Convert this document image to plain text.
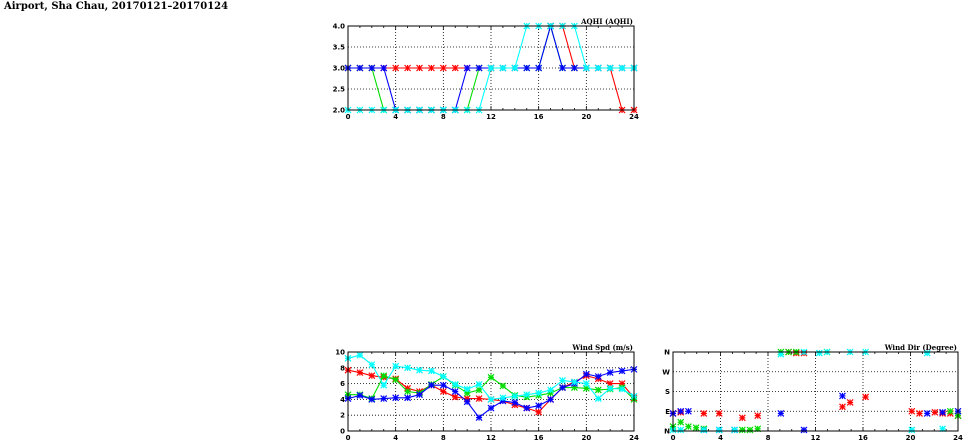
Airport, Sha Chau, 20170121–20170124
0	4	8	12	16	20	24
2.0
2.5
3.0
3.5
4.0
AQHI (AQHI)
0	4	8	12	16	20	24
0
2
4
6
8
10
Wind Spd (m/s)
0	4	8	12	16	20	24
N
E
S
W
N
Wind Dir (Degree)
